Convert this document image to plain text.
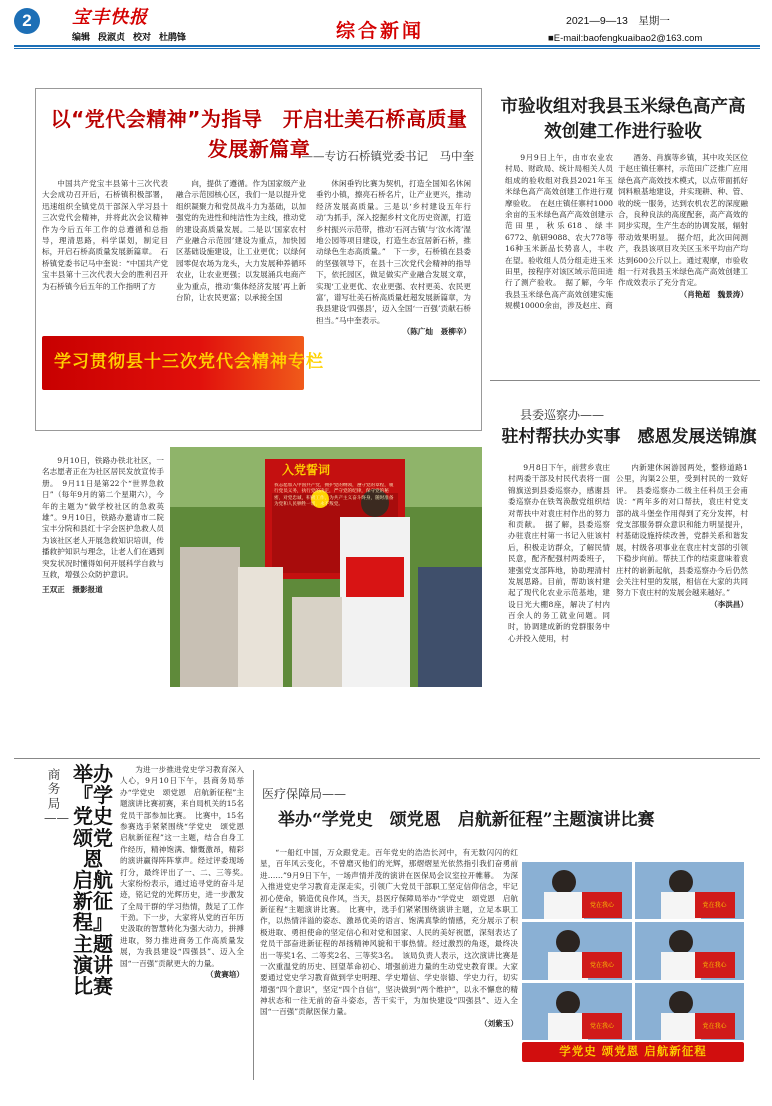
2	宝丰快报
编辑 段淑贞 校对 杜鹃锋	综合新闻	2021—9—13　 星期一
■E-mail:baofengkuaibao2@163.com
以“党代会精神”为指导　开启壮美石桥高质量发展新篇章
——专访石桥镇党委书记　马中奎
中国共产党宝丰县第十三次代表大会成功召开后，石桥镇积极部署，迅速组织全镇党员干部深入学习县十三次党代会精神，并将此次会议精神作为今后五年工作的总遵循和总指导，理清思路，科学谋划，制定目标，开启石桥高质量发展新篇章。　石桥镇党委书记马中奎说：“中国共产党宝丰县第十三次代表大会的胜利召开为石桥镇今后五年的工作指明了方
向，提供了遵循。作为国家级产业融合示范园核心区，我们一是以提升党组织凝聚力和党员战斗力为基础，以加强党的先进性和纯洁性为主线，推动党的建设高质量发展。二是以‘国家农村产业融合示范园’建设为重点，加快园区基础设施建设，让工业更优；以绿何园零促农场为龙头，大力发展种养循环农业，让农业更强；以发展涌兵电商产业为重点，推动‘集体经济发展’再上新台阶，让农民更富；以承接全国
休闲垂钓比赛为契机，打造全国知名休闲垂钓小镇，擦亮石桥名片，让产业更兴，推动经济发展高质量。三是以‘乡村建设五年行动’为抓手，深入挖掘乡村文化历史资源，打造乡村振兴示范带，推动‘石河古镇’与‘汝水湾’湿地公园等项目建设，打造生态宜居新石桥，推动绿色生态高质量。”　下一步，石桥镇在县委的坚强领导下，在县十三次党代会精神的指导下，依托园区，做足做实产业融合发展文章，实现‘工业更优、农业更强、农村更美、农民更富’，谱写壮美石桥高质量赶超发展新篇章，为我县建设‘四强县’，迈入全国‘一百强’贡献石桥担当。”马中奎表示。
（陈广灿　聂柳辛）
学习贯彻县十三次党代会精神专栏

9月10日，铁路办铁北社区，一名志愿者正在为社区居民发放宣传手册。　9月11日是第22个“世界急救日”（每年9月的第二个星期六），今年的主题为“做学校社区的急救英雄”。9月10日，铁路办邀请市二院宝丰分院和县红十字会医护急救人员为该社区老人开展急救知识培训，传播救护知识与理念，让老人们在遇到突发状况时懂得如何开展科学自救与互救，增强公众防护意识。

王双正　摄影报道
入党誓词
我志愿加入中国共产党，拥护党的纲领，遵守党的章程，履行党员义务，执行党的决定，严守党的纪律，保守党的秘密，对党忠诚，积极工作，为共产主义奋斗终身，随时准备为党和人民牺牲一切，永不叛党。
市验收组对我县玉米绿色高产高效创建工作进行验收
9月9日上午，由市农业农村局、财政局、统计局相关人员组成的验收组对我县2021年玉米绿色高产高效创建工作进行观摩验收。　在赵庄镇任寨村1000余亩的玉米绿色高产高效创建示范田里，秋乐618、绿丰6772、航研9088、农大778等16种玉米新品长势喜人，丰收在望。验收组人员分组走进玉米田里，按程序对该区域示范田进行了测产验收。　据了解，今年我县玉米绿色高产高效创建实施规模10000余亩，涉及赵庄、商
酒务、肖旗等乡镇，其中攻关区位于赵庄镇任寨村，示范田广泛推广应用绿色高产高效技术模式，以点带面抓好饲料粮基地建设，并实现耕、种、管、收的统一服务，达到农机农艺的深度融合，良种良法的高度配套，高产高效的同步实现，生产生态的协调发展，辐射带动效果明显。　据介绍，此次田间测产，我县该项目攻关区玉米平均亩产均达到600公斤以上。通过观摩，市验收组一行对我县玉米绿色高产高效创建工作成效表示了充分肯定。
（肖艳超　魏景涛）
县委巡察办——
驻村帮扶办实事　感恩发展送锦旗
9月8日下午，前营乡袁庄村两委干部及村民代表将一面锦旗送到县委巡察办，感谢县委巡察办在铁驾涣散党组织结对帮扶中对袁庄村作出的努力和贡献。　据了解，县委巡察办驻袁庄村第一书记入驻该村后，积极走访群众，了解民情民意，配齐配强村两委班子，建强党支部阵地，协助理清村发展思路。目前，帮助该村建起了现代化农业示范基地，建设日光大棚8座，解决了村内百余人的务工就业问题。同时，协调建成新的党群服务中心并投入使用，村
内新建休闲游园两处，整修道路1公里，沟渠2公里，受到村民的一致好评。　县委巡察办二级主任科员王会甫说：“两年多的对口帮扶，袁庄村党支部的战斗堡垒作用得到了充分发挥，村党支部服务群众意识和能力明显提升，村基础设施持续改善，党群关系和谐发展，村级各项事业在袁庄村支部的引领下稳步向前。帮扶工作的结束意味着袁庄村的崭新起航，县委巡察办今后仍然会关注村里的发展，相信在大家的共同努力下袁庄村的发展会越来越好。”
（李洪昌）
商务局——
举办『学党史 颂党恩 启航新征程』主题演讲比赛
为进一步推进党史学习教育深入人心，9月10日下午，县商务局举办“学党史　颂党恩　启航新征程”主题演讲比赛初赛，来自局机关的15名党员干部参加比赛。　比赛中，15名参赛选手紧紧围绕“学党史　颂党恩　启航新征程”这一主题，结合自身工作经历，精神饱满、慷慨激昂，精彩的演讲赢得阵阵掌声。经过评委现场打分，最终评出了一、二、三等奖。　大家纷纷表示，通过追寻党的奋斗足迹，铭记党的光辉历史，进一步激发了全局干群的学习热情，鼓足了工作干劲。下一步，大家将从党的百年历史汲取的智慧转化为强大动力，拼搏进取，努力推进商务工作高质量发展，为我县建设“四强县”、迈入全国“一百强”贡献更大的力量。
（黄赛培）
医疗保障局——
举办“学党史　颂党恩　启航新征程”主题演讲比赛
“一船红中国，万众跟党走。百年党史的浩浩长河中，有无数闪闪的红星，百年风云变化，不曾磨灭他们的光辉，那熠熠星光依然指引我们奋勇前进……”9月9日下午，一场声情并茂的演讲在医保局会议室拉开帷幕。　为深入推进党史学习教育走深走实，引领广大党员干部职工坚定信仰信念，牢记初心使命，锻造优良作风，当天，县医疗保障局举办“学党史　颂党恩　启航新征程”主题演讲比赛。　比赛中，选手们紧紧围绕演讲主题，立足本职工作，以热情洋溢的姿态、激昂优美的语言、饱满真挚的情感，充分展示了积极进取、勇担使命的坚定信心和对党和国家、人民的美好祝愿，深刻表达了党员干部奋进新征程的昂扬精神风貌和干事热情。经过激烈的角逐，最终决出一等奖1名、二等奖2名、三等奖3名。　该局负责人表示，这次演讲比赛是一次重温党的历史、回望革命初心、增强前进力量的生动党史教育课。大家要通过党史学习教育做到学史明理、学史增信、学史崇德、学史力行，切实增强“四个意识”，坚定“四个自信”，坚决做到“两个维护”，以永不懈怠的精神状态和一往无前的奋斗姿态，苦干实干，为加快建设“四强县”、迈入全国“一百强”贡献医保力量。
（刘紫玉）
党在我心	党在我心
党在我心	党在我心
党在我心	党在我心
学党史 颂党恩 启航新征程
